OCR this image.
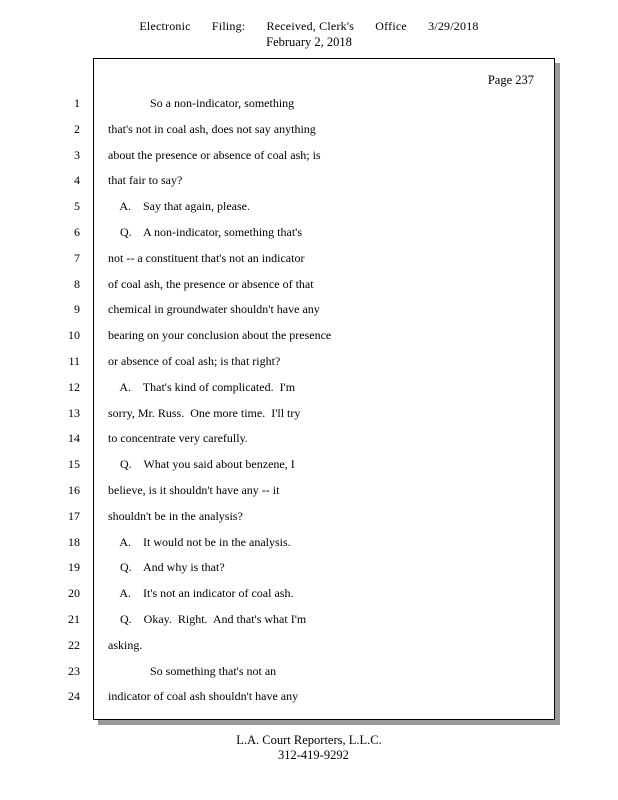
Electronic Filing: Received, Clerk's Office 3/29/2018
February 2, 2018
Page 237
1 So a non-indicator, something
2 that's not in coal ash, does not say anything
3 about the presence or absence of coal ash; is
4 that fair to say?
5 A.    Say that again, please.
6 Q.    A non-indicator, something that's
7 not -- a constituent that's not an indicator
8 of coal ash, the presence or absence of that
9 chemical in groundwater shouldn't have any
10 bearing on your conclusion about the presence
11 or absence of coal ash; is that right?
12 A.    That's kind of complicated.  I'm
13 sorry, Mr. Russ.  One more time.  I'll try
14 to concentrate very carefully.
15 Q.    What you said about benzene, I
16 believe, is it shouldn't have any -- it
17 shouldn't be in the analysis?
18 A.    It would not be in the analysis.
19 Q.    And why is that?
20 A.    It's not an indicator of coal ash.
21 Q.    Okay.  Right.  And that's what I'm
22 asking.
23 So something that's not an
24 indicator of coal ash shouldn't have any
L.A. Court Reporters, L.L.C.
312-419-9292
